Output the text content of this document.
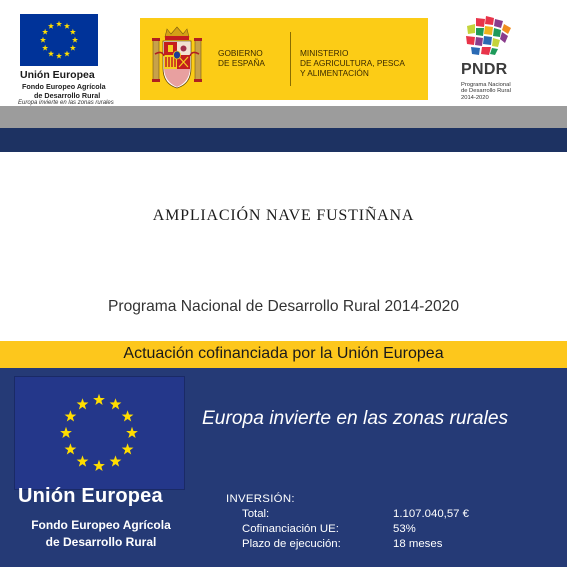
Unión Europea
Fondo Europeo Agrícola
de Desarrollo Rural
Europa invierte en las zonas rurales
GOBIERNO
DE ESPAÑA
MINISTERIO
DE AGRICULTURA, PESCA
Y ALIMENTACIÓN	PNDR
Programa Nacional
de Desarrollo Rural
2014-2020
AMPLIACIÓN NAVE FUSTIÑANA
Programa Nacional de Desarrollo Rural 2014-2020
Actuación cofinanciada por la Unión Europea
Europa invierte en las zonas rurales
Unión Europea
Fondo Europeo Agrícola
de Desarrollo Rural
INVERSIÓN:
Total:	1.107.040,57 €
Cofinanciación UE:	53%
Plazo de ejecución:	18 meses
